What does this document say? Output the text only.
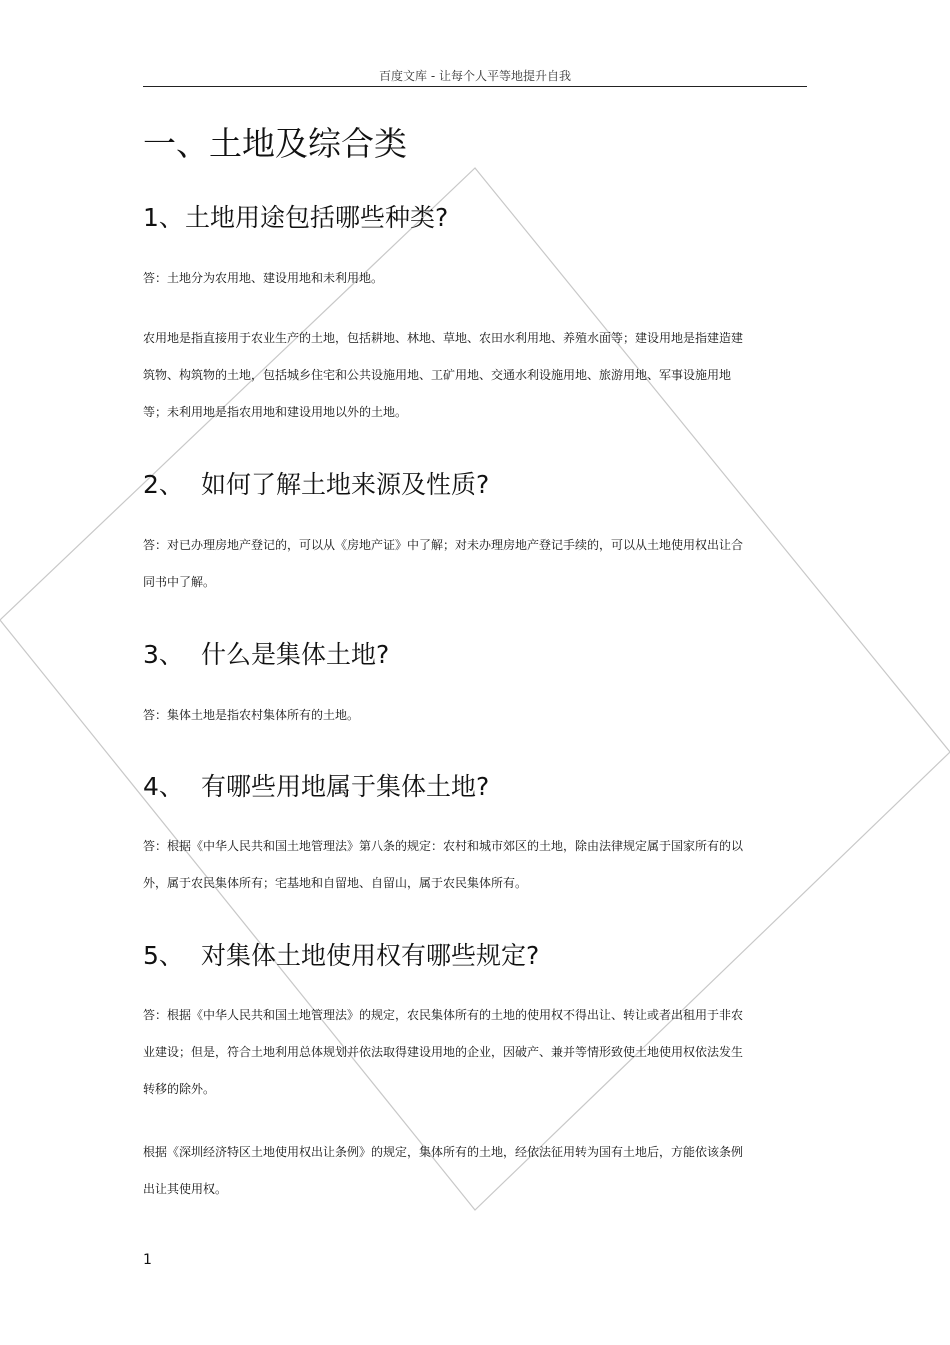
百度文库 - 让每个人平等地提升自我
一、土地及综合类
1、土地用途包括哪些种类?
答：土地分为农用地、建设用地和未利用地。
农用地是指直接用于农业生产的土地，包括耕地、林地、草地、农田水利用地、养殖水面等；建设用地是指建造建筑物、构筑物的土地，包括城乡住宅和公共设施用地、工矿用地、交通水利设施用地、旅游用地、军事设施用地等；未利用地是指农用地和建设用地以外的土地。
2、 如何了解土地来源及性质?
答：对已办理房地产登记的，可以从《房地产证》中了解；对未办理房地产登记手续的，可以从土地使用权出让合同书中了解。
3、 什么是集体土地?
答：集体土地是指农村集体所有的土地。
4、 有哪些用地属于集体土地?
答：根据《中华人民共和国土地管理法》第八条的规定：农村和城市郊区的土地，除由法律规定属于国家所有的以外，属于农民集体所有；宅基地和自留地、自留山，属于农民集体所有。
5、 对集体土地使用权有哪些规定?
答：根据《中华人民共和国土地管理法》的规定，农民集体所有的土地的使用权不得出让、转让或者出租用于非农业建设；但是，符合土地利用总体规划并依法取得建设用地的企业，因破产、兼并等情形致使土地使用权依法发生转移的除外。
根据《深圳经济特区土地使用权出让条例》的规定，集体所有的土地，经依法征用转为国有土地后，方能依该条例出让其使用权。
1
